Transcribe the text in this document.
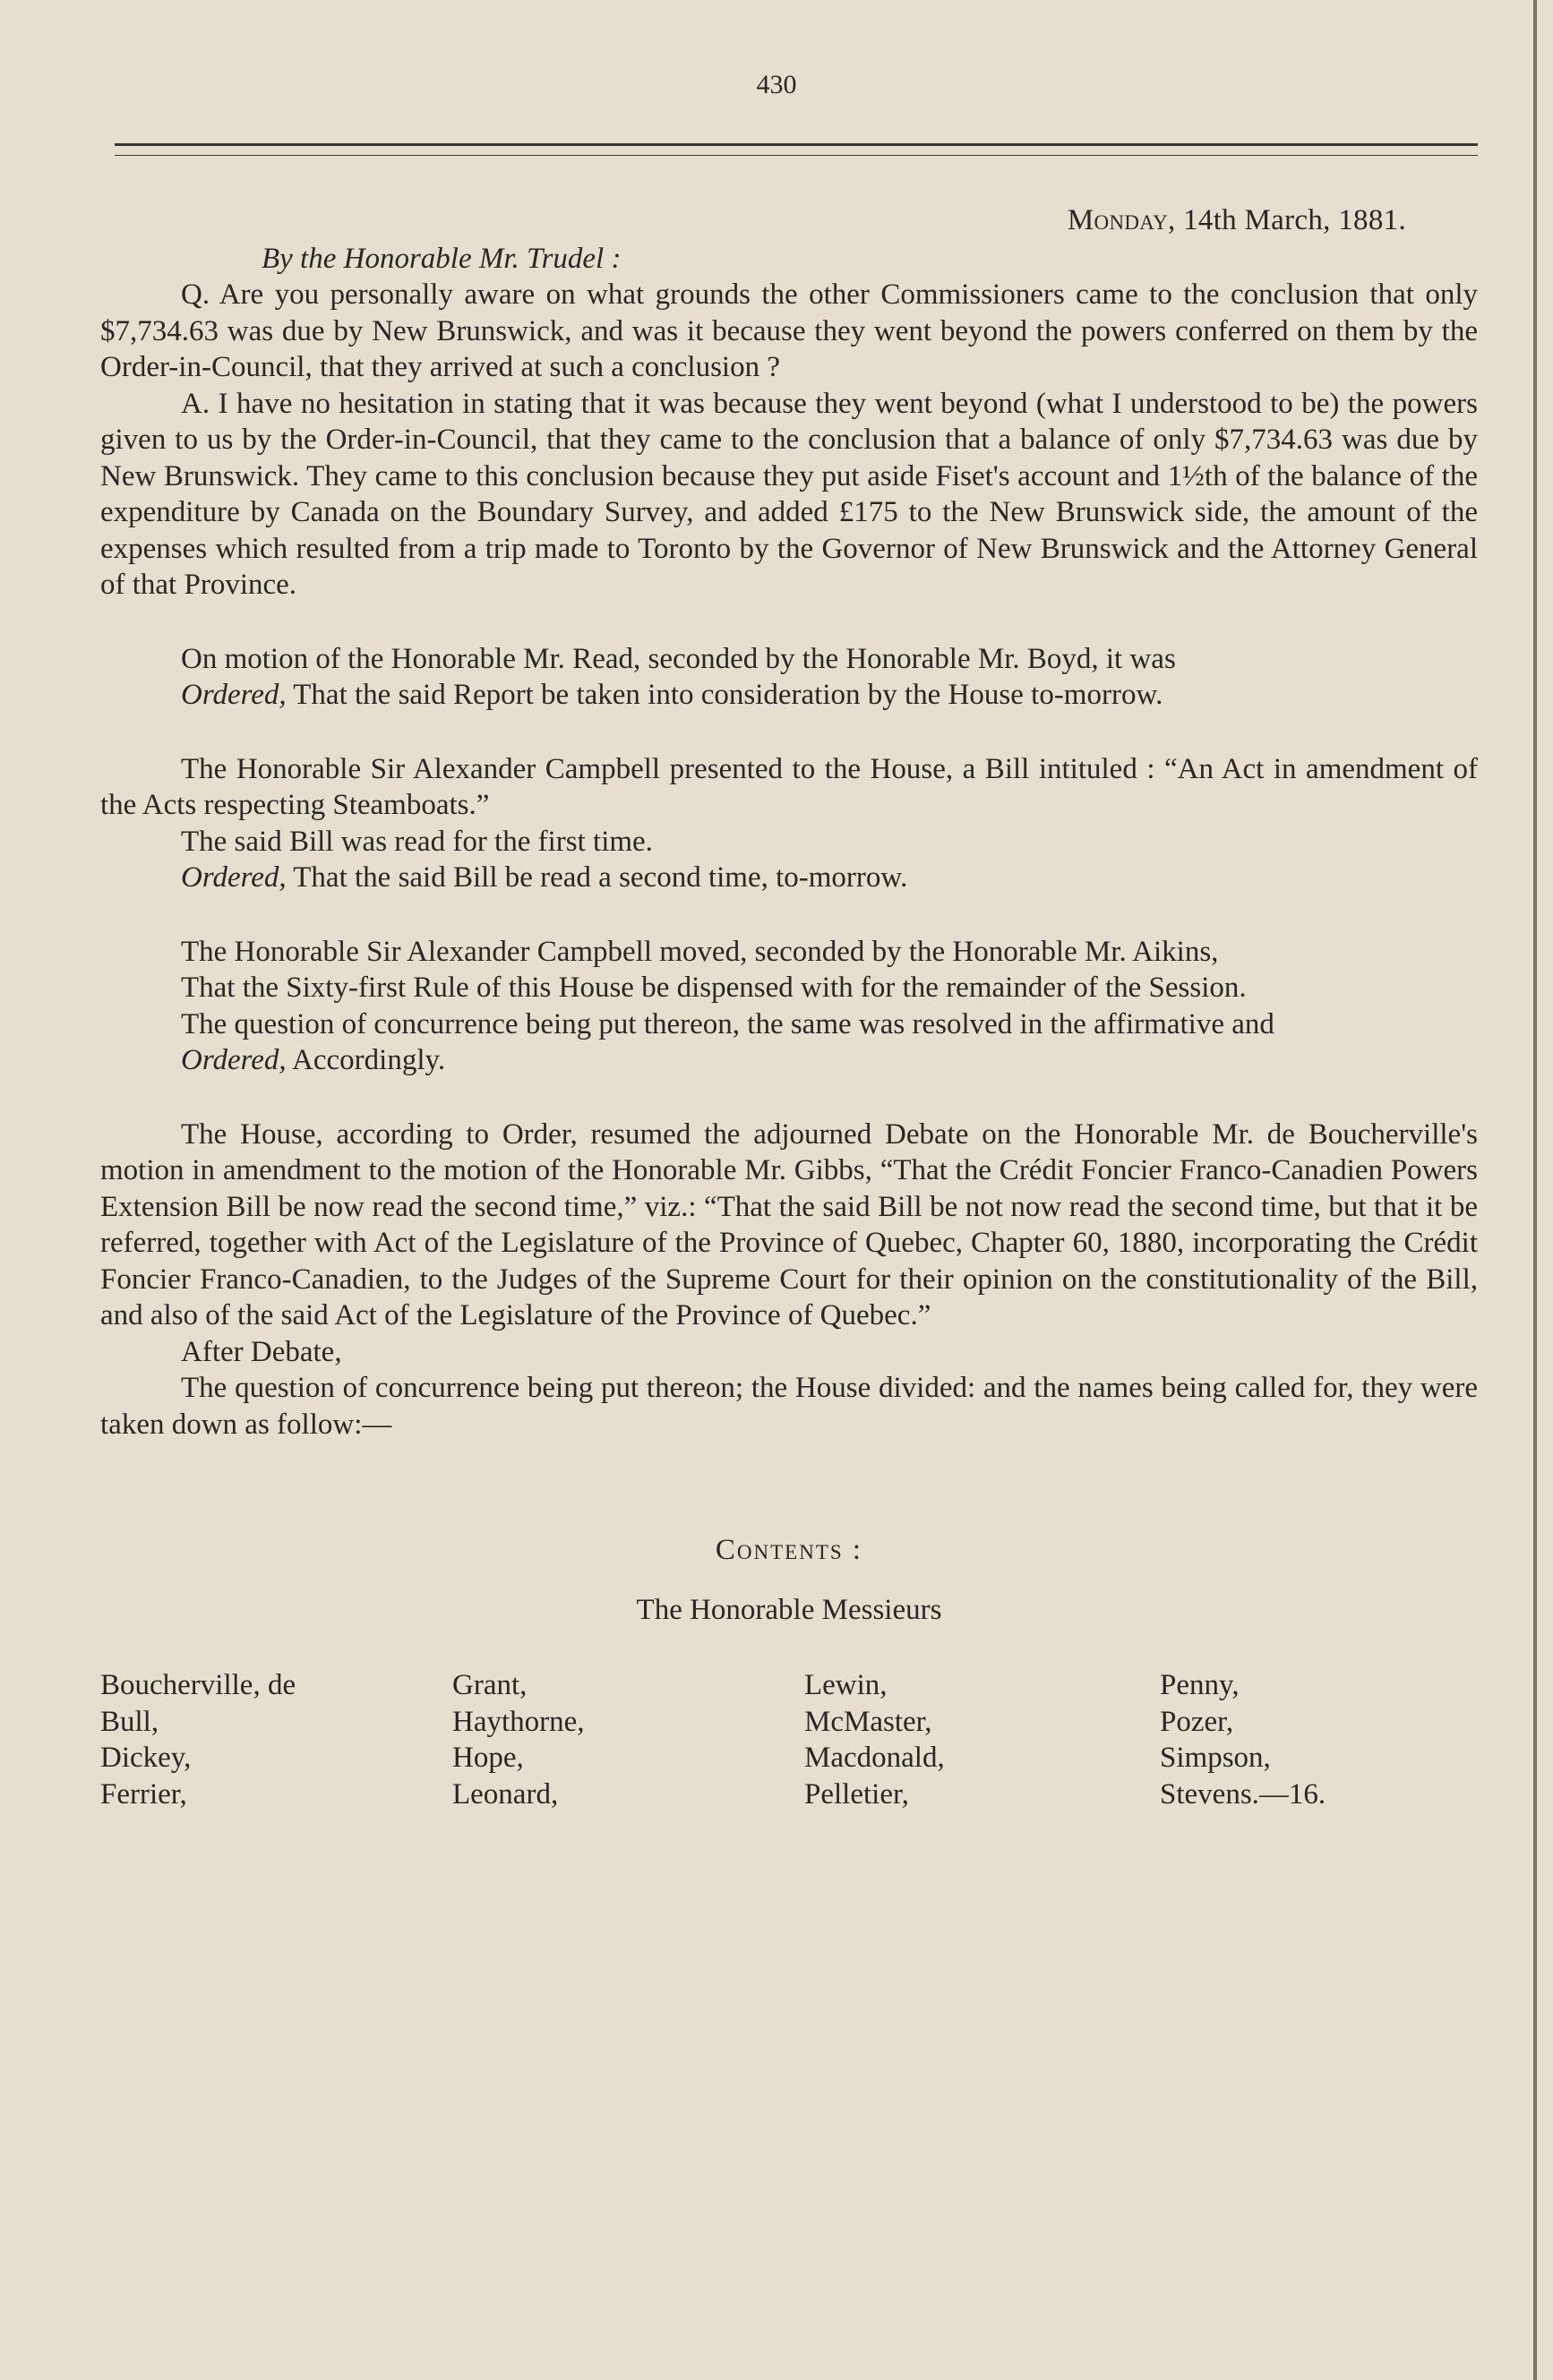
430

Monday, 14th March, 1881.

By the Honorable Mr. Trudel :

Q. Are you personally aware on what grounds the other Commissioners came to the conclusion that only $7,734.63 was due by New Brunswick, and was it because they went beyond the powers conferred on them by the Order-in-Council, that they arrived at such a conclusion ?

A. I have no hesitation in stating that it was because they went beyond (what I understood to be) the powers given to us by the Order-in-Council, that they came to the conclusion that a balance of only $7,734.63 was due by New Brunswick. They came to this conclusion because they put aside Fiset's account and 1½th of the balance of the expenditure by Canada on the Boundary Survey, and added £175 to the New Brunswick side, the amount of the expenses which resulted from a trip made to Toronto by the Governor of New Brunswick and the Attorney General of that Province.

On motion of the Honorable Mr. Read, seconded by the Honorable Mr. Boyd, it was

Ordered, That the said Report be taken into consideration by the House to-morrow.

The Honorable Sir Alexander Campbell presented to the House, a Bill intituled : “An Act in amendment of the Acts respecting Steamboats.”

The said Bill was read for the first time.

Ordered, That the said Bill be read a second time, to-morrow.

The Honorable Sir Alexander Campbell moved, seconded by the Honorable Mr. Aikins,

That the Sixty-first Rule of this House be dispensed with for the remainder of the Session.

The question of concurrence being put thereon, the same was resolved in the affirmative and

Ordered, Accordingly.

The House, according to Order, resumed the adjourned Debate on the Honorable Mr. de Boucherville's motion in amendment to the motion of the Honorable Mr. Gibbs, “That the Crédit Foncier Franco-Canadien Powers Extension Bill be now read the second time,” viz.: “That the said Bill be not now read the second time, but that it be referred, together with Act of the Legislature of the Province of Quebec, Chapter 60, 1880, incorporating the Crédit Foncier Franco-Canadien, to the Judges of the Supreme Court for their opinion on the constitutionality of the Bill, and also of the said Act of the Legislature of the Province of Quebec.”

After Debate,

The question of concurrence being put thereon; the House divided: and the names being called for, they were taken down as follow:—

Contents :

The Honorable Messieurs

Boucherville, de	Grant,	Lewin,	Penny,
Bull,	Haythorne,	McMaster,	Pozer,
Dickey,	Hope,	Macdonald,	Simpson,
Ferrier,	Leonard,	Pelletier,	Stevens.—16.
